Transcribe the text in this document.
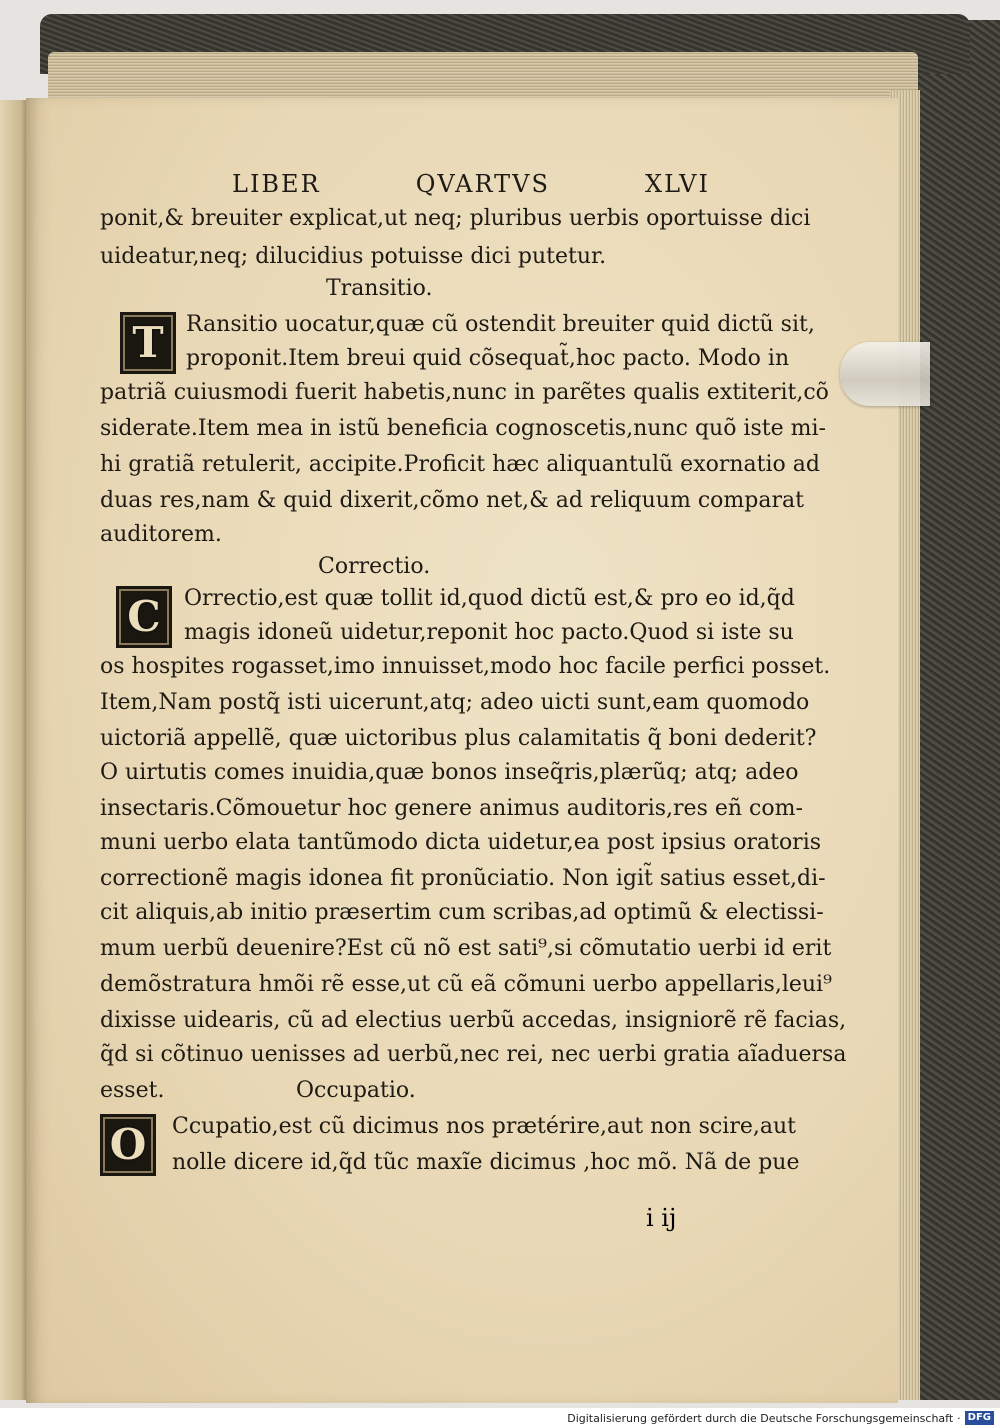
LIBER	QVARTVS	XLVI
ponit,& breuiter explicat,ut neq; pluribus uerbis oportuisse dici
uideatur,neq; dilucidius potuisse dici putetur.
Transitio.
T Ransitio uocatur,quæ cũ ostendit breuiter quid dictũ sit,
proponit.Item breui quid cõsequat̃,hoc pacto. Modo in
patriã cuiusmodi fuerit habetis,nunc in parẽtes qualis extiterit,cõ
siderate.Item mea in istũ beneficia cognoscetis,nunc quõ iste mi-
hi gratiã retulerit, accipite.Proficit hæc aliquantulũ exornatio ad
duas res,nam & quid dixerit,cõmo net,& ad reliquum comparat
auditorem.
Correctio.
C Orrectio,est quæ tollit id,quod dictũ est,& pro eo id,q̃d
magis idoneũ uidetur,reponit hoc pacto.Quod si iste su
os hospites rogasset,imo innuisset,modo hoc facile perfici posset.
Item,Nam postq̃ isti uicerunt,atq; adeo uicti sunt,eam quomodo
uictoriã appellẽ, quæ uictoribus plus calamitatis q̃ boni dederit?
O uirtutis comes inuidia,quæ bonos inseq̃ris,plærũq; atq; adeo
insectaris.Cõmouetur hoc genere animus auditoris,res eñ com-
muni uerbo elata tantũmodo dicta uidetur,ea post ipsius oratoris
correctionẽ magis idonea fit pronũciatio. Non igit̃ satius esset,di-
cit aliquis,ab initio præsertim cum scribas,ad optimũ & electissi-
mum uerbũ deuenire?Est cũ nõ est sati⁹,si cõmutatio uerbi id erit
demõstratura hmõi rẽ esse,ut cũ eã cõmuni uerbo appellaris,leui⁹
dixisse uidearis, cũ ad electius uerbũ accedas, insigniorẽ rẽ facias,
q̃d si cõtinuo uenisses ad uerbũ,nec rei, nec uerbi gratia aĩaduersa
esset.	Occupatio.
O Ccupatio,est cũ dicimus nos prætérire,aut non scire,aut
nolle dicere id,q̃d tũc maxĩe dicimus ,hoc mõ. Nã de pue
i ij
Digitalisierung gefördert durch die Deutsche Forschungsgemeinschaft · DFG
